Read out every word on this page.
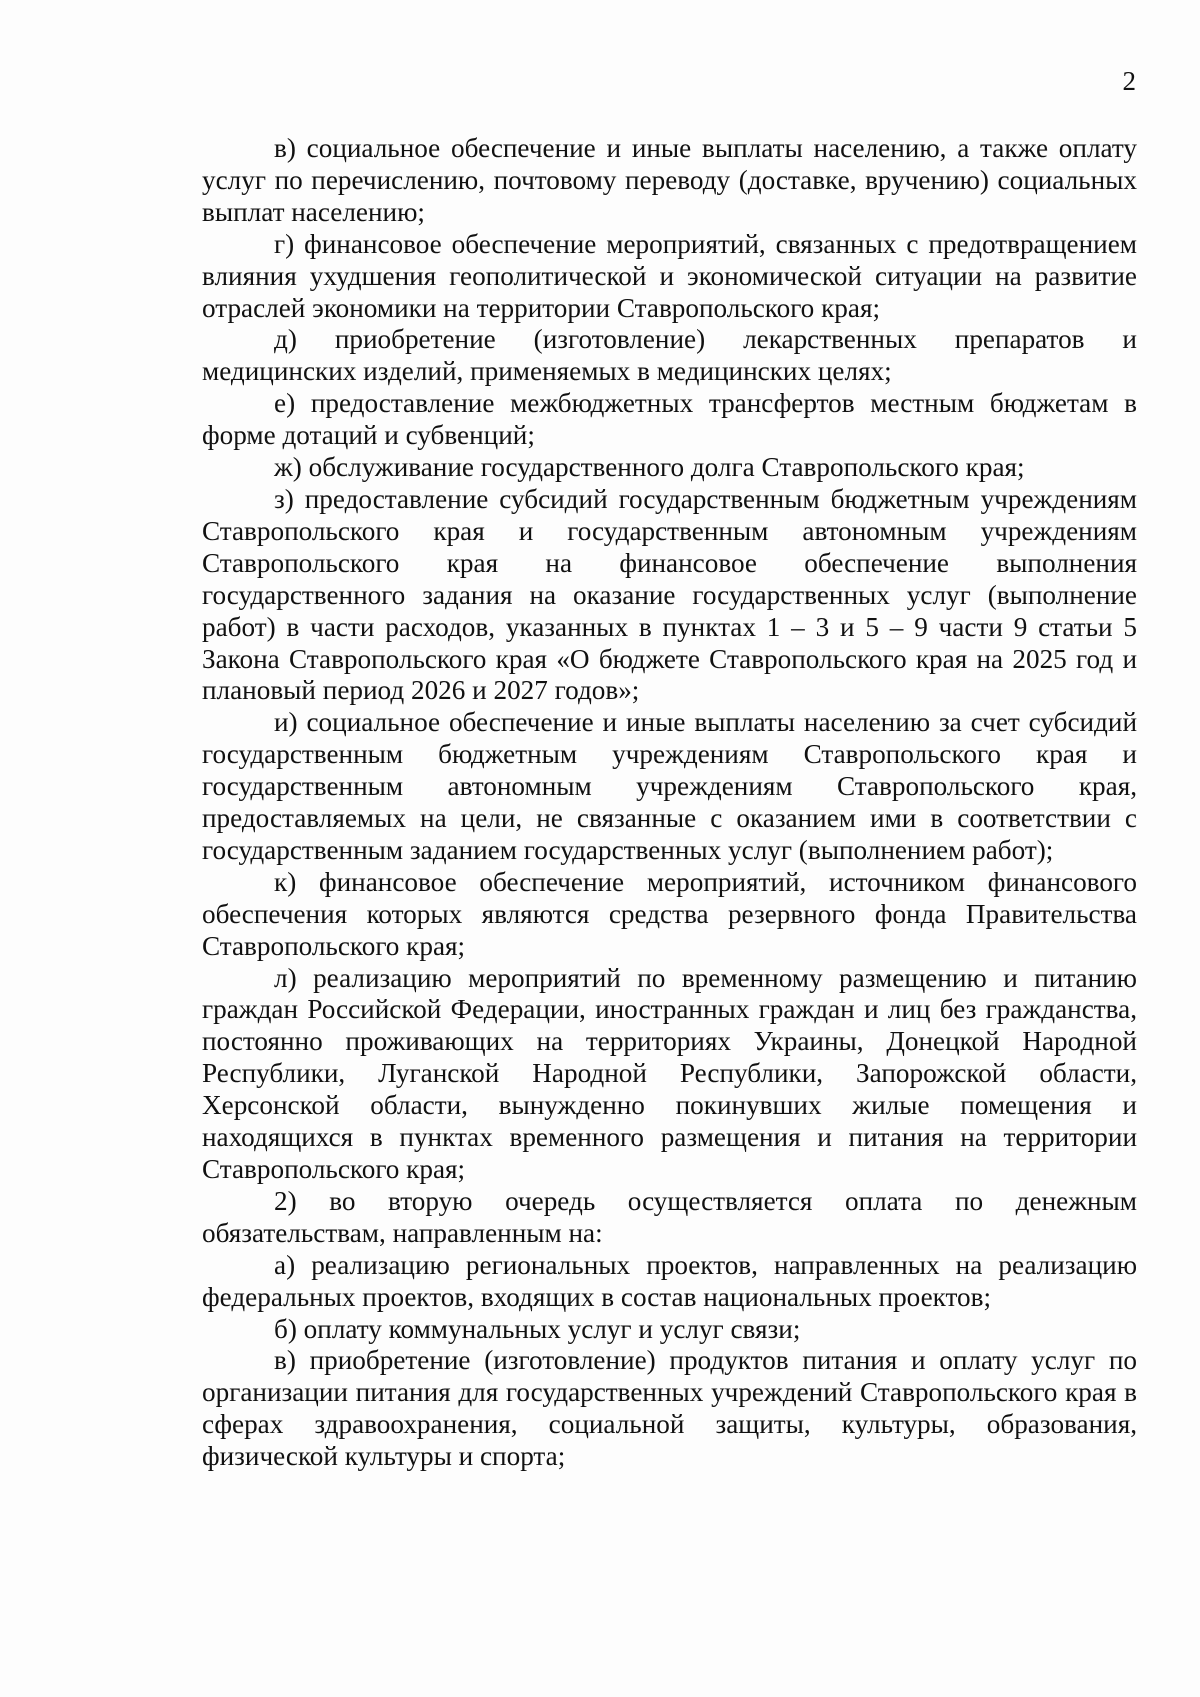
2

в) социальное обеспечение и иные выплаты населению, а также оплату услуг по перечислению, почтовому переводу (доставке, вручению) социальных выплат населению;

г) финансовое обеспечение мероприятий, связанных с предотвращением влияния ухудшения геополитической и экономической ситуации на развитие отраслей экономики на территории Ставропольского края;

д) приобретение (изготовление) лекарственных препаратов и медицинских изделий, применяемых в медицинских целях;

е) предоставление межбюджетных трансфертов местным бюджетам в форме дотаций и субвенций;

ж) обслуживание государственного долга Ставропольского края;

з) предоставление субсидий государственным бюджетным учреждениям Ставропольского края и государственным автономным учреждениям Ставропольского края на финансовое обеспечение выполнения государственного задания на оказание государственных услуг (выполнение работ) в части расходов, указанных в пунктах 1 – 3 и 5 – 9 части 9 статьи 5 Закона Ставропольского края «О бюджете Ставропольского края на 2025 год и плановый период 2026 и 2027 годов»;

и) социальное обеспечение и иные выплаты населению за счет субсидий государственным бюджетным учреждениям Ставропольского края и государственным автономным учреждениям Ставропольского края, предоставляемых на цели, не связанные с оказанием ими в соответствии с государственным заданием государственных услуг (выполнением работ);

к) финансовое обеспечение мероприятий, источником финансового обеспечения которых являются средства резервного фонда Правительства Ставропольского края;

л) реализацию мероприятий по временному размещению и питанию граждан Российской Федерации, иностранных граждан и лиц без гражданства, постоянно проживающих на территориях Украины, Донецкой Народной Республики, Луганской Народной Республики, Запорожской области, Херсонской области, вынужденно покинувших жилые помещения и находящихся в пунктах временного размещения и питания на территории Ставропольского края;

2) во вторую очередь осуществляется оплата по денежным обязательствам, направленным на:

а) реализацию региональных проектов, направленных на реализацию федеральных проектов, входящих в состав национальных проектов;

б) оплату коммунальных услуг и услуг связи;

в) приобретение (изготовление) продуктов питания и оплату услуг по организации питания для государственных учреждений Ставропольского края в сферах здравоохранения, социальной защиты, культуры, образования, физической культуры и спорта;
